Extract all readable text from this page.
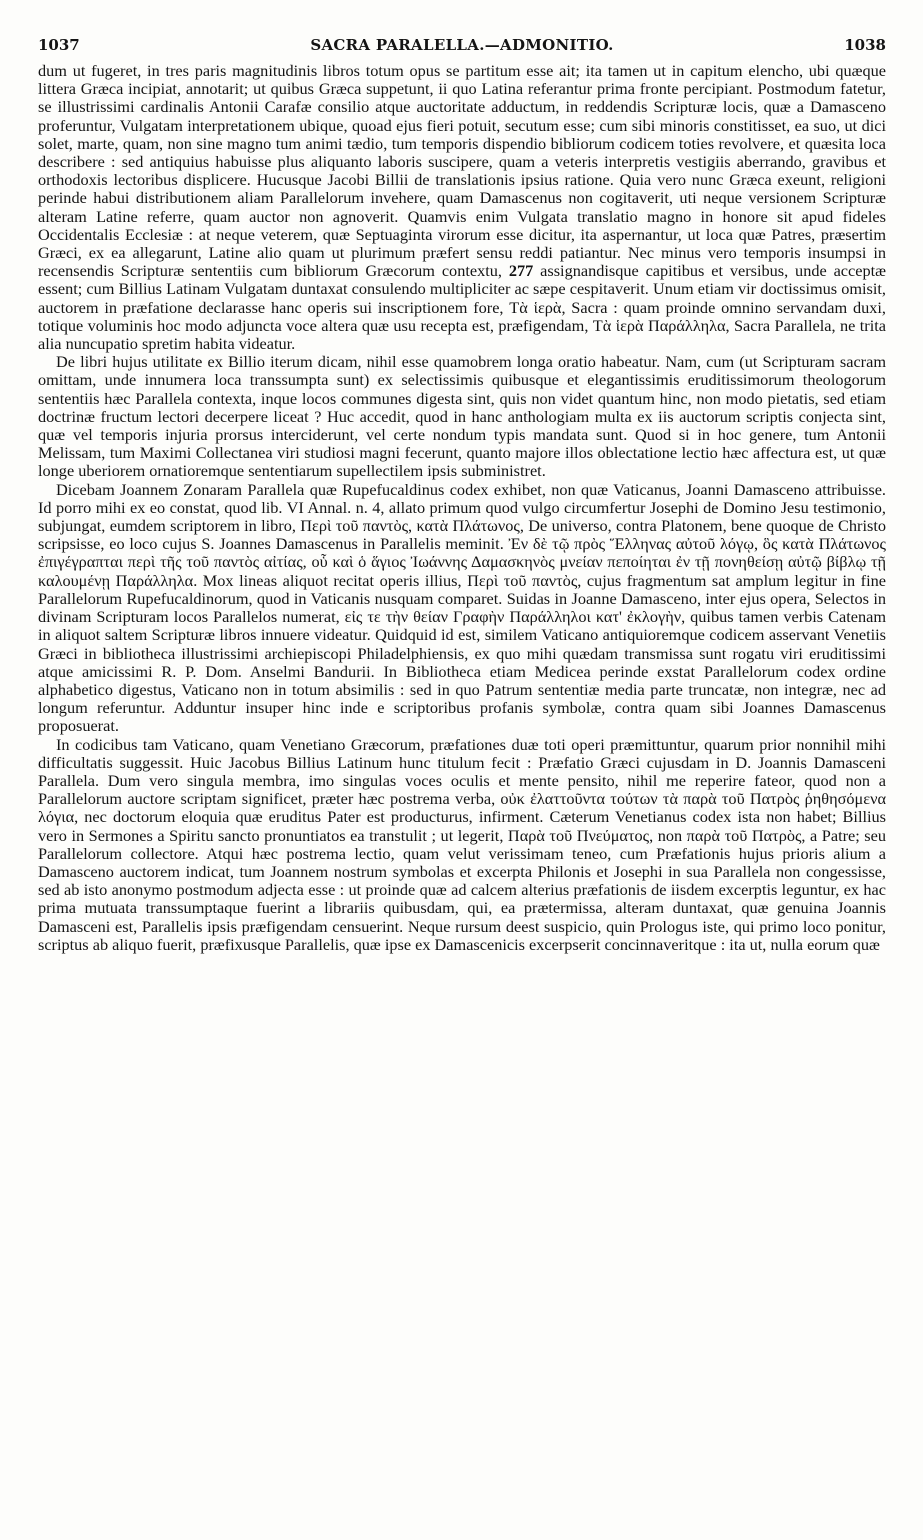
SACRA PARALELLA.—ADMONITIO.
1037	1038

dum ut fugeret, in tres paris magnitudinis libros totum opus se partitum esse ait; ita tamen ut in capitum elencho, ubi quæque littera Græca incipiat, annotarit; ut quibus Græca suppetunt, ii quo Latina referantur prima fronte percipiant. Postmodum fatetur, se illustrissimi cardinalis Antonii Carafæ consilio atque auctoritate adductum, in reddendis Scripturæ locis, quæ a Damasceno proferuntur, Vulgatam interpretationem ubique, quoad ejus fieri potuit, secutum esse; cum sibi minoris constitisset, ea suo, ut dici solet, marte, quam, non sine magno tum animi tædio, tum temporis dispendio bibliorum codicem toties revolvere, et quæsita loca describere : sed antiquius habuisse plus aliquanto laboris suscipere, quam a veteris interpretis vestigiis aberrando, gravibus et orthodoxis lectoribus displicere. Hucusque Jacobi Billii de translationis ipsius ratione. Quia vero nunc Græca exeunt, religioni perinde habui distributionem aliam Parallelorum invehere, quam Damascenus non cogitaverit, uti neque versionem Scripturæ alteram Latine referre, quam auctor non agnoverit. Quamvis enim Vulgata translatio magno in honore sit apud fideles Occidentalis Ecclesiæ : at neque veterem, quæ Septuaginta virorum esse dicitur, ita aspernantur, ut loca quæ Patres, præsertim Græci, ex ea allegarunt, Latine alio quam ut plurimum præfert sensu reddi patiantur. Nec minus vero temporis insumpsi in recensendis Scripturæ sententiis cum bibliorum Græcorum contextu, 277 assignandisque capitibus et versibus, unde acceptæ essent; cum Billius Latinam Vulgatam duntaxat consulendo multipliciter ac sæpe cespitaverit. Unum etiam vir doctissimus omisit, auctorem in præfatione declarasse hanc operis sui inscriptionem fore, Τὰ ἱερὰ, Sacra : quam proinde omnino servandam duxi, totique voluminis hoc modo adjuncta voce altera quæ usu recepta est, præfigendam, Τὰ ἱερὰ Παράλληλα, Sacra Parallela, ne trita alia nuncupatio spretim habita videatur.

De libri hujus utilitate ex Billio iterum dicam, nihil esse quamobrem longa oratio habeatur. Nam, cum (ut Scripturam sacram omittam, unde innumera loca transsumpta sunt) ex selectissimis quibusque et elegantissimis eruditissimorum theologorum sententiis hæc Parallela contexta, inque locos communes digesta sint, quis non videt quantum hinc, non modo pietatis, sed etiam doctrinæ fructum lectori decerpere liceat ? Huc accedit, quod in hanc anthologiam multa ex iis auctorum scriptis conjecta sint, quæ vel temporis injuria prorsus interciderunt, vel certe nondum typis mandata sunt. Quod si in hoc genere, tum Antonii Melissam, tum Maximi Collectanea viri studiosi magni fecerunt, quanto majore illos oblectatione lectio hæc affectura est, ut quæ longe uberiorem ornatioremque sententiarum supellectilem ipsis subministret.

Dicebam Joannem Zonaram Parallela quæ Rupefucaldinus codex exhibet, non quæ Vaticanus, Joanni Damasceno attribuisse. Id porro mihi ex eo constat, quod lib. VI Annal. n. 4, allato primum quod vulgo circumfertur Josephi de Domino Jesu testimonio, subjungat, eumdem scriptorem in libro, Περὶ τοῦ παντὸς, κατὰ Πλάτωνος, De universo, contra Platonem, bene quoque de Christo scripsisse, eo loco cujus S. Joannes Damascenus in Parallelis meminit. Ἐν δὲ τῷ πρὸς Ἕλληνας αὐτοῦ λόγῳ, ὃς κατὰ Πλάτωνος ἐπιγέγραπται περὶ τῆς τοῦ παντὸς αἰτίας, οὗ καὶ ὁ ἅγιος Ἰωάννης Δαμασκηνὸς μνείαν πεποίηται ἐν τῇ πονηθείσῃ αὐτῷ βίβλῳ τῇ καλουμένῃ Παράλληλα. Mox lineas aliquot recitat operis illius, Περὶ τοῦ παντὸς, cujus fragmentum sat amplum legitur in fine Parallelorum Rupefucaldinorum, quod in Vaticanis nusquam comparet. Suidas in Joanne Damasceno, inter ejus opera, Selectos in divinam Scripturam locos Parallelos numerat, εἰς τε τὴν θείαν Γραφὴν Παράλληλοι κατ' ἐκλογὴν, quibus tamen verbis Catenam in aliquot saltem Scripturæ libros innuere videatur. Quidquid id est, similem Vaticano antiquioremque codicem asservant Venetiis Græci in bibliotheca illustrissimi archiepiscopi Philadelphiensis, ex quo mihi quædam transmissa sunt rogatu viri eruditissimi atque amicissimi R. P. Dom. Anselmi Bandurii. In Bibliotheca etiam Medicea perinde exstat Parallelorum codex ordine alphabetico digestus, Vaticano non in totum absimilis : sed in quo Patrum sententiæ media parte truncatæ, non integræ, nec ad longum referuntur. Adduntur insuper hinc inde e scriptoribus profanis symbolæ, contra quam sibi Joannes Damascenus proposuerat.

In codicibus tam Vaticano, quam Venetiano Græcorum, præfationes duæ toti operi præmittuntur, quarum prior nonnihil mihi difficultatis suggessit. Huic Jacobus Billius Latinum hunc titulum fecit : Præfatio Græci cujusdam in D. Joannis Damasceni Parallela. Dum vero singula membra, imo singulas voces oculis et mente pensito, nihil me reperire fateor, quod non a Parallelorum auctore scriptam significet, præter hæc postrema verba, οὐκ ἐλαττοῦντα τούτων τὰ παρὰ τοῦ Πατρὸς ῥηθησόμενα λόγια, nec doctorum eloquia quæ eruditus Pater est producturus, infirment. Cæterum Venetianus codex ista non habet; Billius vero in Sermones a Spiritu sancto pronuntiatos ea transtulit ; ut legerit, Παρὰ τοῦ Πνεύματος, non παρὰ τοῦ Πατρὸς, a Patre; seu Parallelorum collectore. Atqui hæc postrema lectio, quam velut verissimam teneo, cum Præfationis hujus prioris alium a Damasceno auctorem indicat, tum Joannem nostrum symbolas et excerpta Philonis et Josephi in sua Parallela non congessisse, sed ab isto anonymo postmodum adjecta esse : ut proinde quæ ad calcem alterius præfationis de iisdem excerptis leguntur, ex hac prima mutuata transsumptaque fuerint a librariis quibusdam, qui, ea prætermissa, alteram duntaxat, quæ genuina Joannis Damasceni est, Parallelis ipsis præfigendam censuerint. Neque rursum deest suspicio, quin Prologus iste, qui primo loco ponitur, scriptus ab aliquo fuerit, præfixusque Parallelis, quæ ipse ex Damascenicis excerpserit concinnaveritque : ita ut, nulla eorum quæ
